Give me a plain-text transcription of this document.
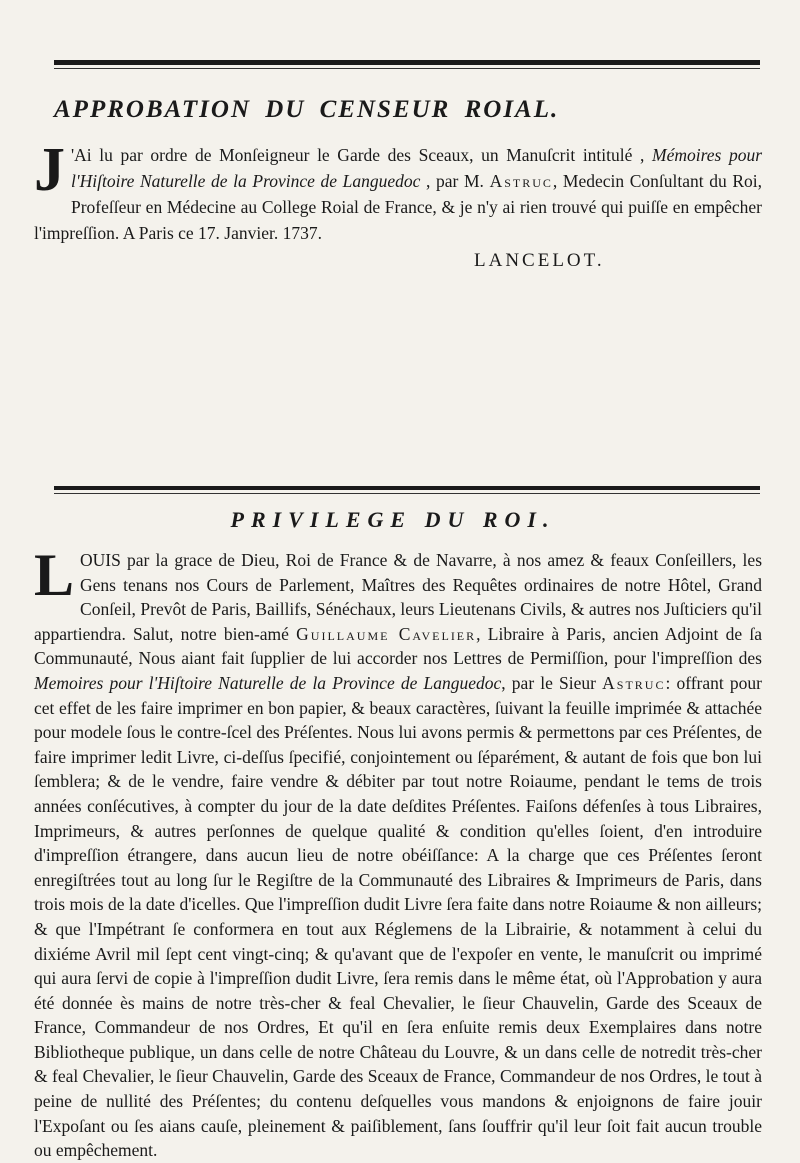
APPROBATION DU CENSEUR ROIAL.
J 'Ai lu par ordre de Monſeigneur le Garde des Sceaux, un Manuſcrit intitulé , Mémoires pour l'Hiſtoire Naturelle de la Province de Languedoc , par M. Astruc, Medecin Conſultant du Roi, Profeſſeur en Médecine au College Roial de France, & je n'y ai rien trouvé qui puiſſe en empêcher l'impreſſion. A Paris ce 17. Janvier. 1737.
LANCELOT.
PRIVILEGE DU ROI.
LOUIS par la grace de Dieu, Roi de France & de Navarre, à nos amez & feaux Conſeillers, les Gens tenans nos Cours de Parlement, Maîtres des Requêtes ordinaires de notre Hôtel, Grand Conſeil, Prevôt de Paris, Baillifs, Sénéchaux, leurs Lieutenans Civils, & autres nos Juſticiers qu'il appartiendra. Salut, notre bien-amé Guillaume Cavelier, Libraire à Paris, ancien Adjoint de ſa Communauté, Nous aiant fait ſupplier de lui accorder nos Lettres de Permiſſion, pour l'impreſſion des Memoires pour l'Hiſtoire Naturelle de la Province de Languedoc, par le Sieur Astruc: offrant pour cet effet de les faire imprimer en bon papier, & beaux caractères, ſuivant la feuille imprimée & attachée pour modele ſous le contre-ſcel des Préſentes. Nous lui avons permis & permettons par ces Préſentes, de faire imprimer ledit Livre, ci-deſſus ſpecifié, conjointement ou ſéparément, & autant de fois que bon lui ſemblera; & de le vendre, faire vendre & débiter par tout notre Roiaume, pendant le tems de trois années conſécutives, à compter du jour de la date deſdites Préſentes. Faiſons défenſes à tous Libraires, Imprimeurs, & autres perſonnes de quelque qualité & condition qu'elles ſoient, d'en introduire d'impreſſion étrangere, dans aucun lieu de notre obéiſſance: A la charge que ces Préſentes ſeront enregiſtrées tout au long ſur le Regiſtre de la Communauté des Libraires & Imprimeurs de Paris, dans trois mois de la date d'icelles. Que l'impreſſion dudit Livre ſera faite dans notre Roiaume & non ailleurs; & que l'Impétrant ſe conformera en tout aux Réglemens de la Librairie, & notamment à celui du dixiéme Avril mil ſept cent vingt-cinq; & qu'avant que de l'expoſer en vente, le manuſcrit ou imprimé qui aura ſervi de copie à l'impreſſion dudit Livre, ſera remis dans le même état, où l'Approbation y aura été donnée ès mains de notre très-cher & feal Chevalier, le ſieur Chauvelin, Garde des Sceaux de France, Commandeur de nos Ordres, Et qu'il en ſera enſuite remis deux Exemplaires dans notre Bibliotheque publique, un dans celle de notre Château du Louvre, & un dans celle de notredit très-cher & feal Chevalier, le ſieur Chauvelin, Garde des Sceaux de France, Commandeur de nos Ordres, le tout à peine de nullité des Préſentes; du contenu deſquelles vous mandons & enjoignons de faire jouir l'Expoſant ou ſes aians cauſe, pleinement & paiſiblement, ſans ſouffrir qu'il leur ſoit fait aucun trouble ou empêchement.
